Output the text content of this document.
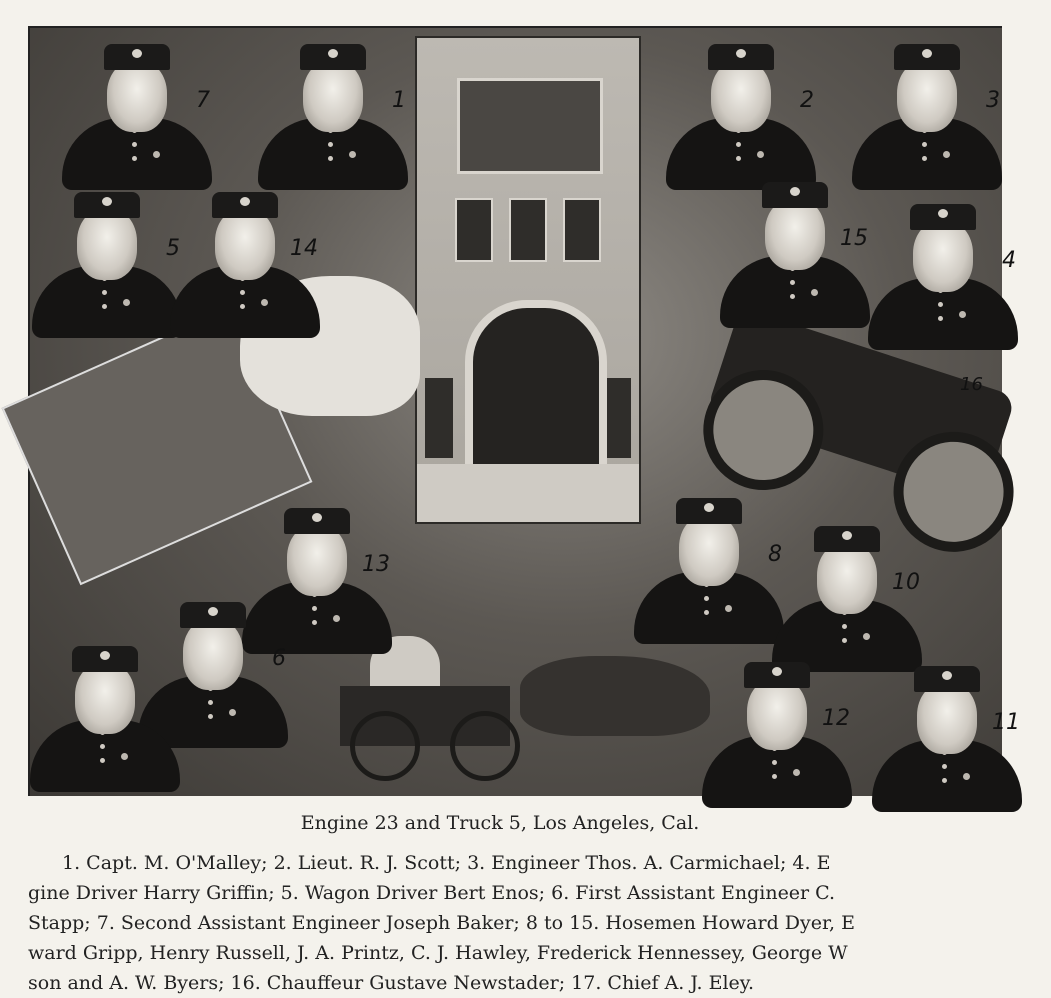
7	1
5	14
2	3
15
4
13	8
10
6
12	11
16
Engine 23 and Truck 5, Los Angeles, Cal.
1. Capt. M. O'Malley; 2. Lieut. R. J. Scott; 3. Engineer Thos. A. Carmichael; 4. E
gine Driver Harry Griffin; 5. Wagon Driver Bert Enos; 6. First Assistant Engineer C.
Stapp; 7. Second Assistant Engineer Joseph Baker; 8 to 15. Hosemen Howard Dyer, E
ward Gripp, Henry Russell, J. A. Printz, C. J. Hawley, Frederick Hennessey, George W
son and A. W. Byers; 16. Chauffeur Gustave Newstader; 17. Chief A. J. Eley.
